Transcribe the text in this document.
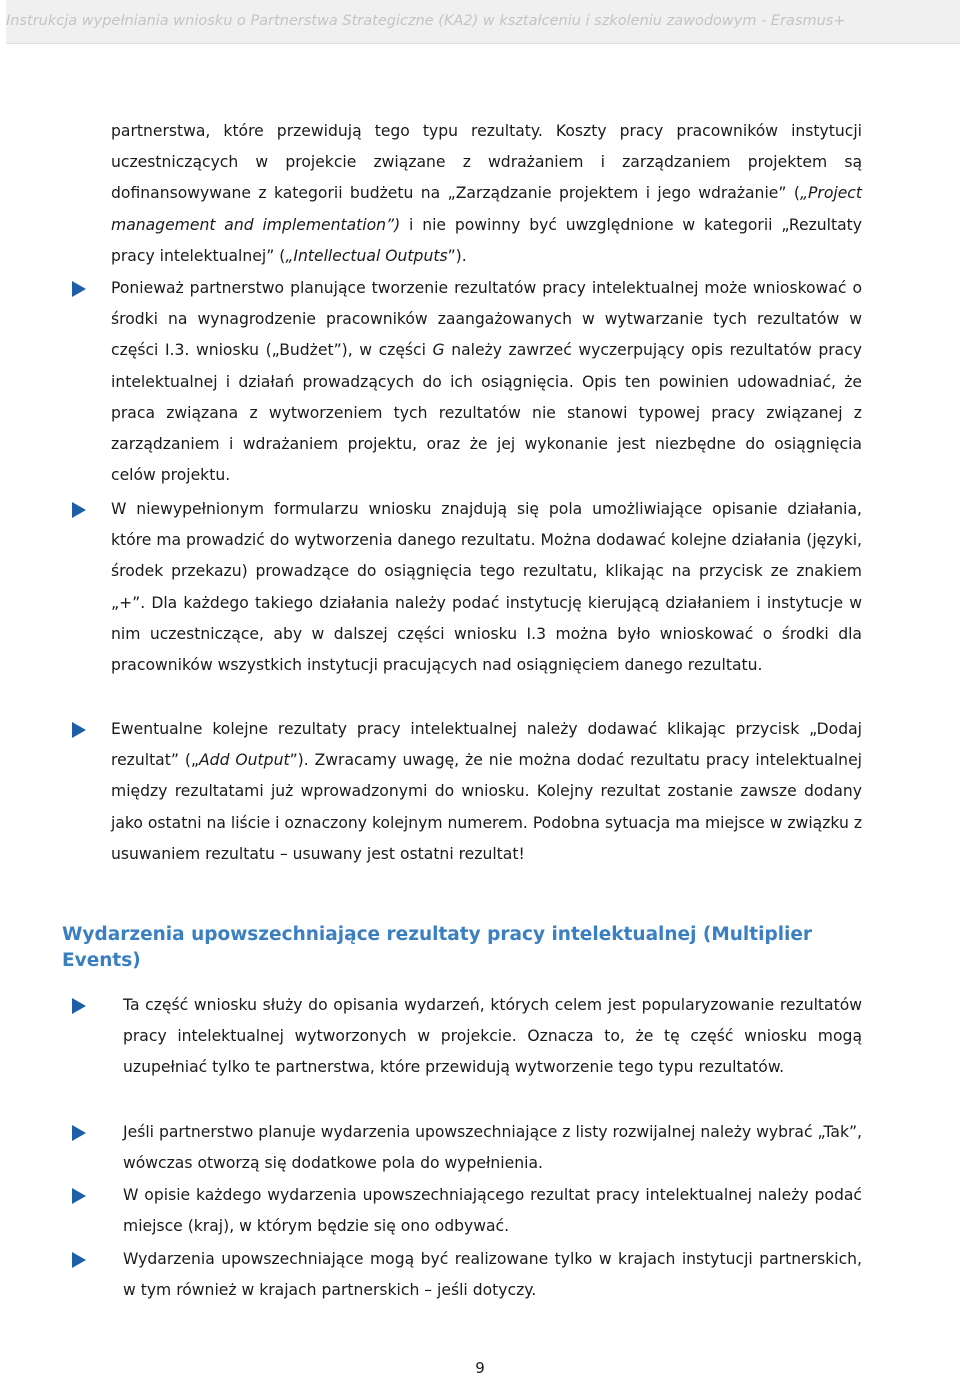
Instrukcja wypełniania wniosku o Partnerstwa Strategiczne (KA2) w kształceniu i szkoleniu zawodowym - Erasmus+
partnerstwa, które przewidują tego typu rezultaty. Koszty pracy pracowników instytucji uczestniczących w projekcie związane z wdrażaniem i zarządzaniem projektem są dofinansowywane z kategorii budżetu na „Zarządzanie projektem i jego wdrażanie” („Project management and implementation”) i nie powinny być uwzględnione w kategorii „Rezultaty pracy intelektualnej” („Intellectual Outputs”).
Ponieważ partnerstwo planujące tworzenie rezultatów pracy intelektualnej może wnioskować o środki na wynagrodzenie pracowników zaangażowanych w wytwarzanie tych rezultatów w części I.3. wniosku („Budżet”), w części G należy zawrzeć wyczerpujący opis rezultatów pracy intelektualnej i działań prowadzących do ich osiągnięcia. Opis ten powinien udowadniać, że praca związana z wytworzeniem tych rezultatów nie stanowi typowej pracy związanej z zarządzaniem i wdrażaniem projektu, oraz że jej wykonanie jest niezbędne do osiągnięcia celów projektu.
W niewypełnionym formularzu wniosku znajdują się pola umożliwiające opisanie działania, które ma prowadzić do wytworzenia danego rezultatu. Można dodawać kolejne działania (języki, środek przekazu) prowadzące do osiągnięcia tego rezultatu, klikając na przycisk ze znakiem „+”. Dla każdego takiego działania należy podać instytucję kierującą działaniem i instytucje w nim uczestniczące, aby w dalszej części wniosku I.3 można było wnioskować o środki dla pracowników wszystkich instytucji pracujących nad osiągnięciem danego rezultatu.
Ewentualne kolejne rezultaty pracy intelektualnej należy dodawać klikając przycisk „Dodaj rezultat” („Add Output”). Zwracamy uwagę, że nie można dodać rezultatu pracy intelektualnej między rezultatami już wprowadzonymi do wniosku. Kolejny rezultat zostanie zawsze dodany jako ostatni na liście i oznaczony kolejnym numerem. Podobna sytuacja ma miejsce w związku z usuwaniem rezultatu – usuwany jest ostatni rezultat!
Wydarzenia upowszechniające rezultaty pracy intelektualnej (Multiplier Events)
Ta część wniosku służy do opisania wydarzeń, których celem jest popularyzowanie rezultatów pracy intelektualnej wytworzonych w projekcie. Oznacza to, że tę część wniosku mogą uzupełniać tylko te partnerstwa, które przewidują wytworzenie tego typu rezultatów.
Jeśli partnerstwo planuje wydarzenia upowszechniające z listy rozwijalnej należy wybrać „Tak”, wówczas otworzą się dodatkowe pola do wypełnienia.
W opisie każdego wydarzenia upowszechniającego rezultat pracy intelektualnej należy podać miejsce (kraj), w którym będzie się ono odbywać.
Wydarzenia upowszechniające mogą być realizowane tylko w krajach instytucji partnerskich, w tym również w krajach partnerskich – jeśli dotyczy.
9
